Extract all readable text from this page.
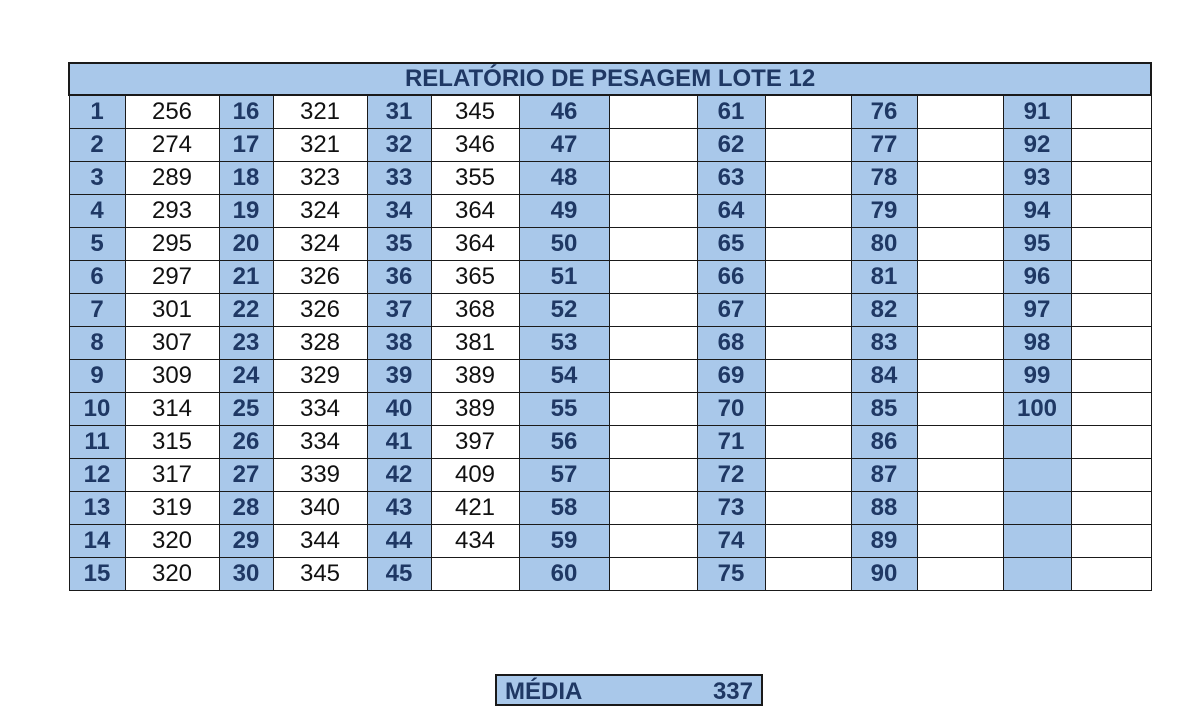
RELATÓRIO DE PESAGEM LOTE 12													
1	256	16	321	31	345	46		61		76		91	
2	274	17	321	32	346	47		62		77		92	
3	289	18	323	33	355	48		63		78		93	
4	293	19	324	34	364	49		64		79		94	
5	295	20	324	35	364	50		65		80		95	
6	297	21	326	36	365	51		66		81		96	
7	301	22	326	37	368	52		67		82		97	
8	307	23	328	38	381	53		68		83		98	
9	309	24	329	39	389	54		69		84		99	
10	314	25	334	40	389	55		70		85		100	
11	315	26	334	41	397	56		71		86			
12	317	27	339	42	409	57		72		87			
13	319	28	340	43	421	58		73		88			
14	320	29	344	44	434	59		74		89			
15	320	30	345	45		60		75		90			
MÉDIA	337
